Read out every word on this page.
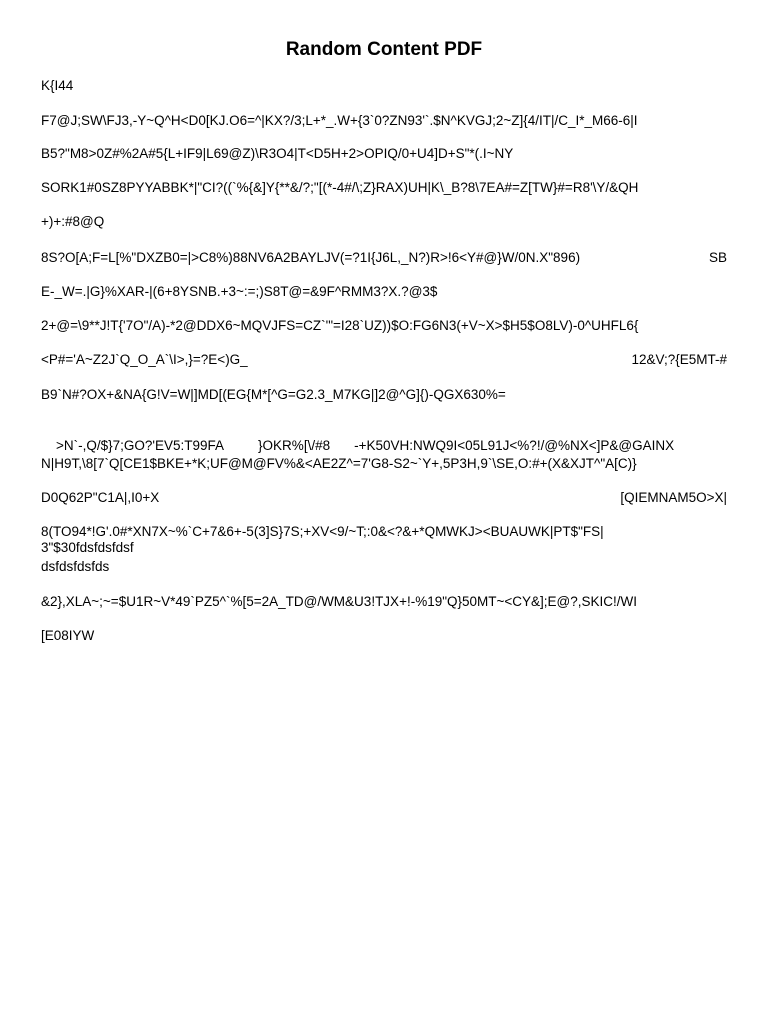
Random Content PDF
K{I44
F7@J;SW\FJ3,-Y~Q^H<D0[KJ.O6=^|KX?/3;L+*_.W+{3`0?ZN93'`.$N^KVGJ;2~Z]{4/IT|/C_I*_M66-6|I
B5?"M8>0Z#%2A#5{L+IF9|L69@Z)\R3O4|T<D5H+2>OPIQ/0+U4]D+S"*(.I~NY
SORK1#0SZ8PYYABBK*|"CI?((`%{&]Y{**&/?;"[(*-4#/\;Z}RAX)UH|K\_B?8\7EA#=Z[TW}#=R8'\Y/&QH
+)+:#8@Q
8S?O[A;F=L[%"DXZB0=|>C8%)88NV6A2BAYLJV(=?1I{J6L,_N?)R>!6<Y#@}W/0N.X"896)	SB
E-_W=.|G}%XAR-|(6+8YSNB.+3~:=;)S8T@=&9F^RMM3?X.?@3$
2+@=\9**J!T{'7O"/A)-*2@DDX6~MQVJFS=CZ`'"=I28`UZ))$O:FG6N3(+V~X>$H5$O8LV)-0^UHFL6{
<P#='A~Z2J`Q_O_A`\I>,}=?E<)G_	12&V;?{E5MT-#
B9`N#?OX+&NA{G!V=W|]MD[(EG{M*[^G=G2.3_M7KG|]2@^G]{)-QGX630%=

>N`-,Q/$}7;GO?'EV5:T99FA	}OKR%[\/#8 -+K50VH:NWQ9I<05L91J<%?!/@%NX<]P&@GAINX

N|H9T,\8[7`Q[CE1$BKE+*K;UF@M@FV%&<AE2Z^=7'G8-S2~`Y+,5P3H,9`\SE,O:#+(X&XJT^"A[C)}
D0Q62P"C1A|,I0+X	[QIEMNAM5O>X|
8(TO94*!G'.0#*XN7X~%`C+7&6+-5(3]S}7S;+XV<9/~T;:0&<?&+*QMWKJ><BUAUWK|PT$"FS|
3"$30fdsfdsfdsf
dsfdsfdsfds
&2},XLA~;~=$U1R~V*49`PZ5^`%[5=2A_TD@/WM&U3!TJX+!-%19"Q}50MT~<CY&];E@?,SKIC!/WI
[E08IYW
